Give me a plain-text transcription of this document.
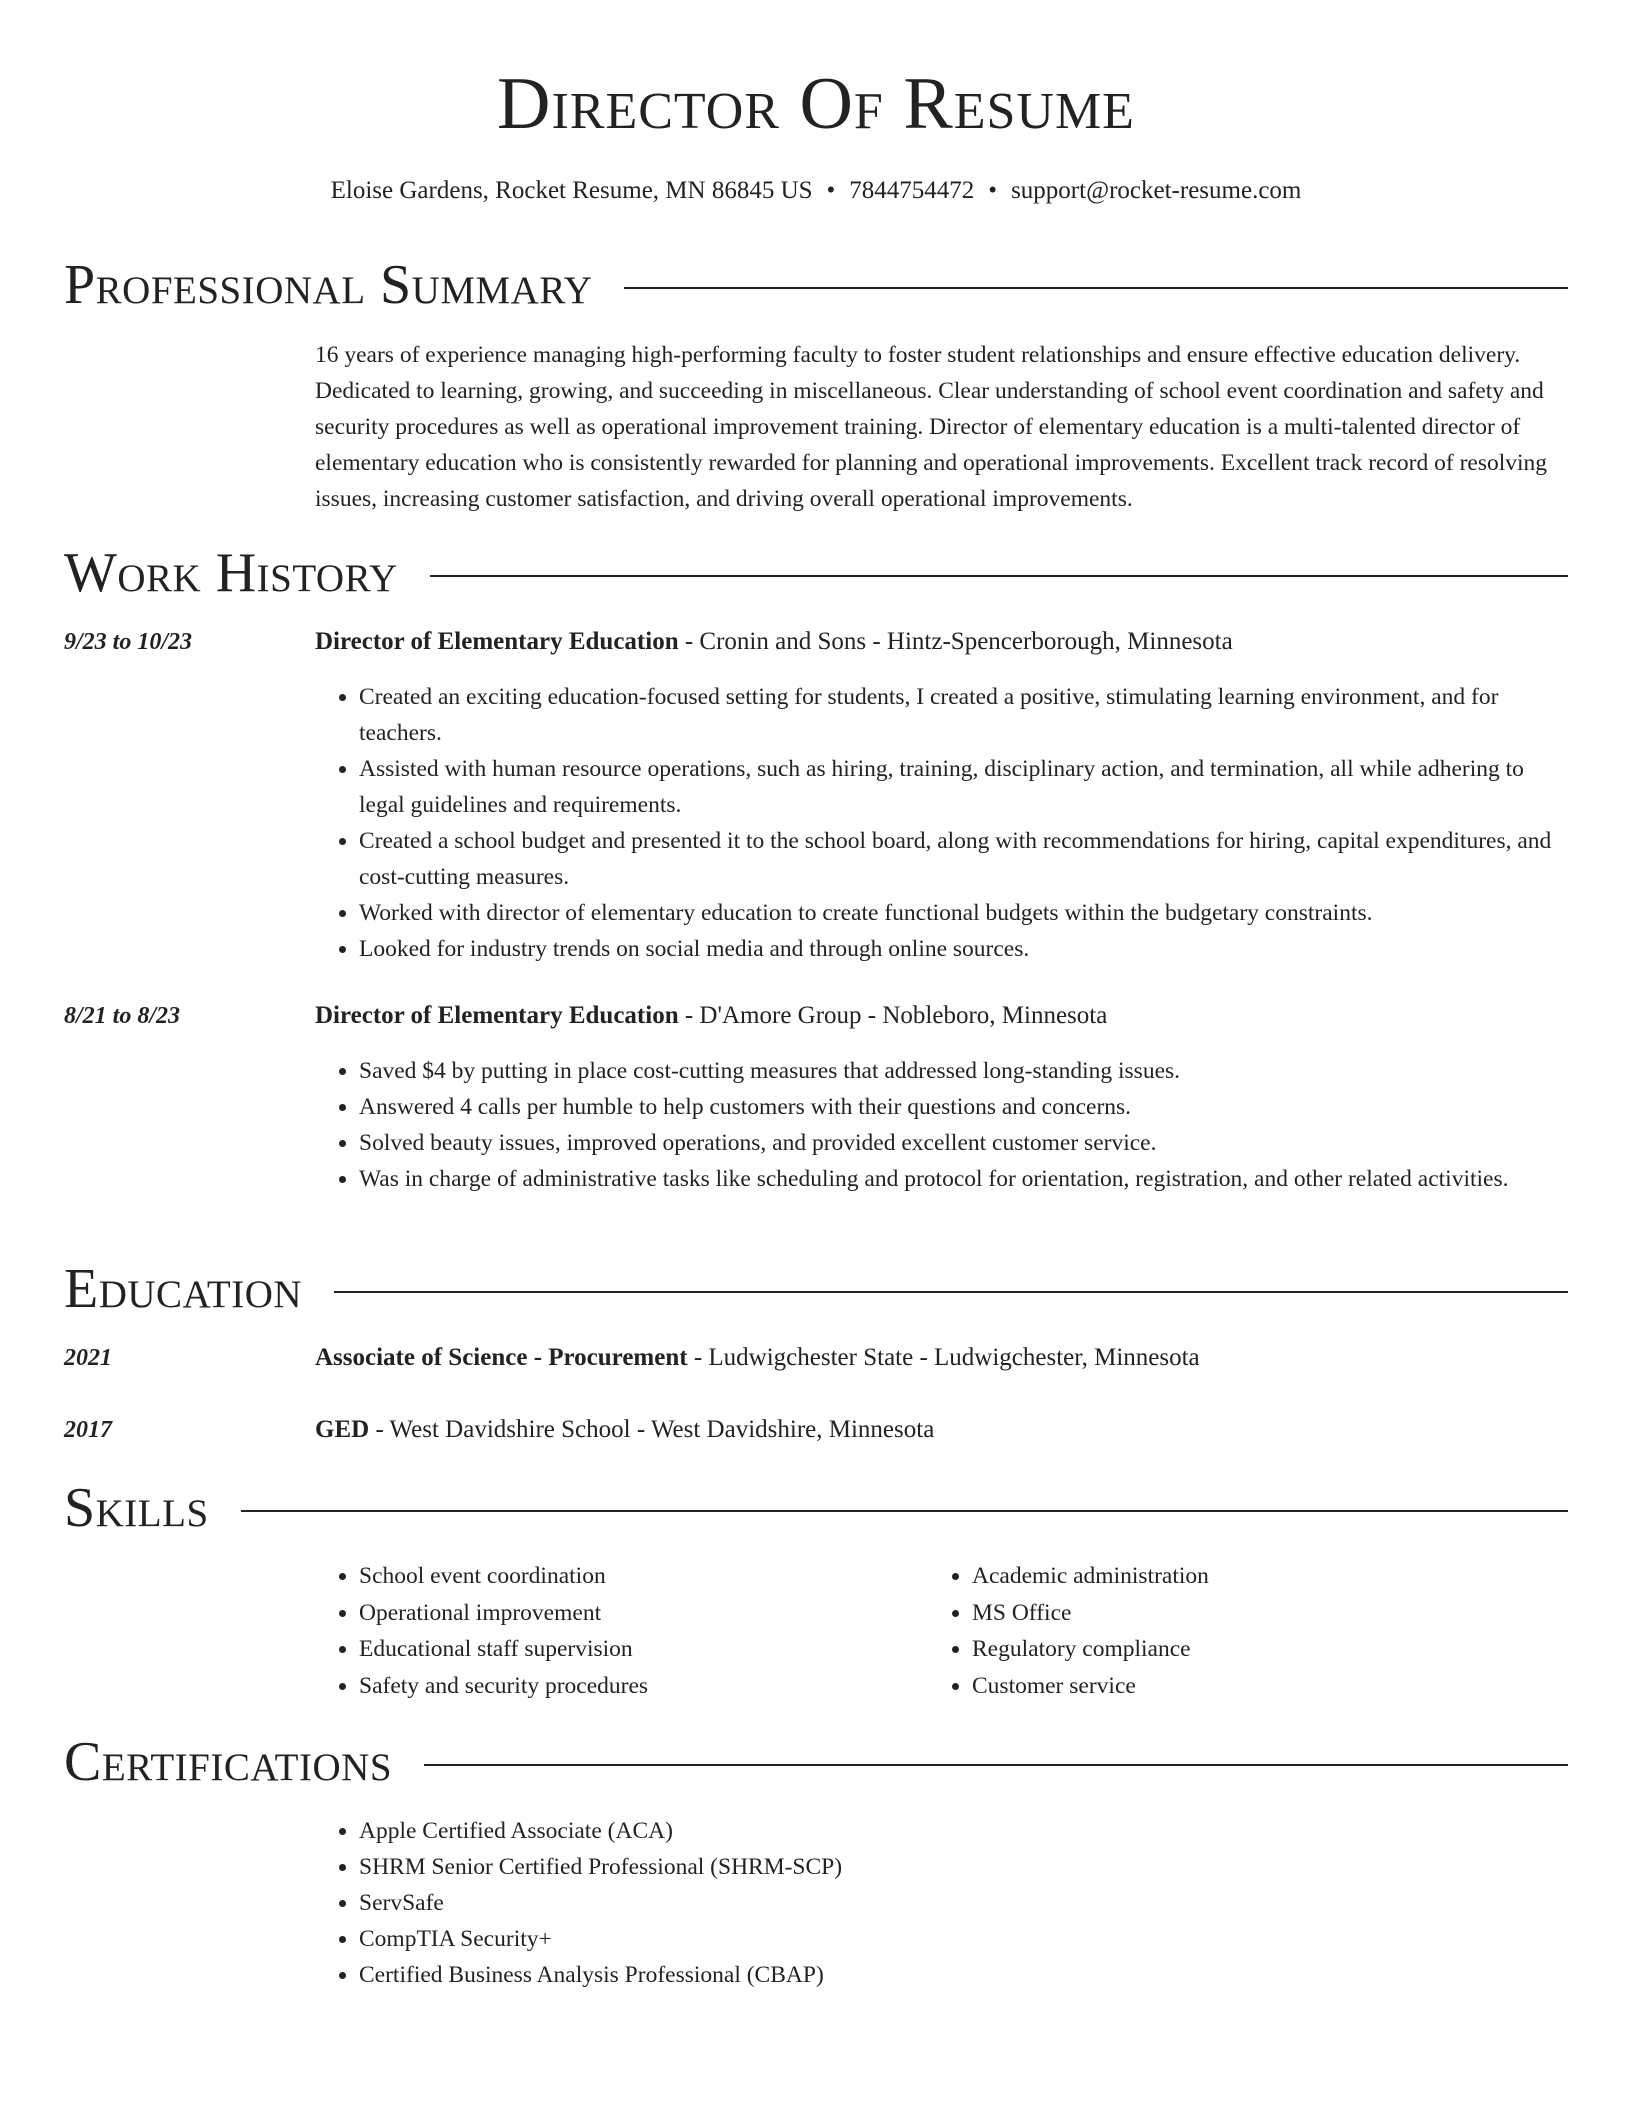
Director Of Resume
Eloise Gardens, Rocket Resume, MN 86845 US • 7844754472 • support@rocket-resume.com
Professional Summary
16 years of experience managing high-performing faculty to foster student relationships and ensure effective education delivery. Dedicated to learning, growing, and succeeding in miscellaneous. Clear understanding of school event coordination and safety and security procedures as well as operational improvement training. Director of elementary education is a multi-talented director of elementary education who is consistently rewarded for planning and operational improvements. Excellent track record of resolving issues, increasing customer satisfaction, and driving overall operational improvements.
Work History
9/23 to 10/23	Director of Elementary Education - Cronin and Sons - Hintz-Spencerborough, Minnesota
• Created an exciting education-focused setting for students, I created a positive, stimulating learning environment, and for teachers.
• Assisted with human resource operations, such as hiring, training, disciplinary action, and termination, all while adhering to legal guidelines and requirements.
• Created a school budget and presented it to the school board, along with recommendations for hiring, capital expenditures, and cost-cutting measures.
• Worked with director of elementary education to create functional budgets within the budgetary constraints.
• Looked for industry trends on social media and through online sources.
8/21 to 8/23	Director of Elementary Education - D'Amore Group - Nobleboro, Minnesota
• Saved $4 by putting in place cost-cutting measures that addressed long-standing issues.
• Answered 4 calls per humble to help customers with their questions and concerns.
• Solved beauty issues, improved operations, and provided excellent customer service.
• Was in charge of administrative tasks like scheduling and protocol for orientation, registration, and other related activities.
Education
2021	Associate of Science - Procurement - Ludwigchester State - Ludwigchester, Minnesota
2017	GED - West Davidshire School - West Davidshire, Minnesota
Skills
• School event coordination
• Operational improvement
• Educational staff supervision
• Safety and security procedures
• Academic administration
• MS Office
• Regulatory compliance
• Customer service
Certifications
• Apple Certified Associate (ACA)
• SHRM Senior Certified Professional (SHRM-SCP)
• ServSafe
• CompTIA Security+
• Certified Business Analysis Professional (CBAP)
